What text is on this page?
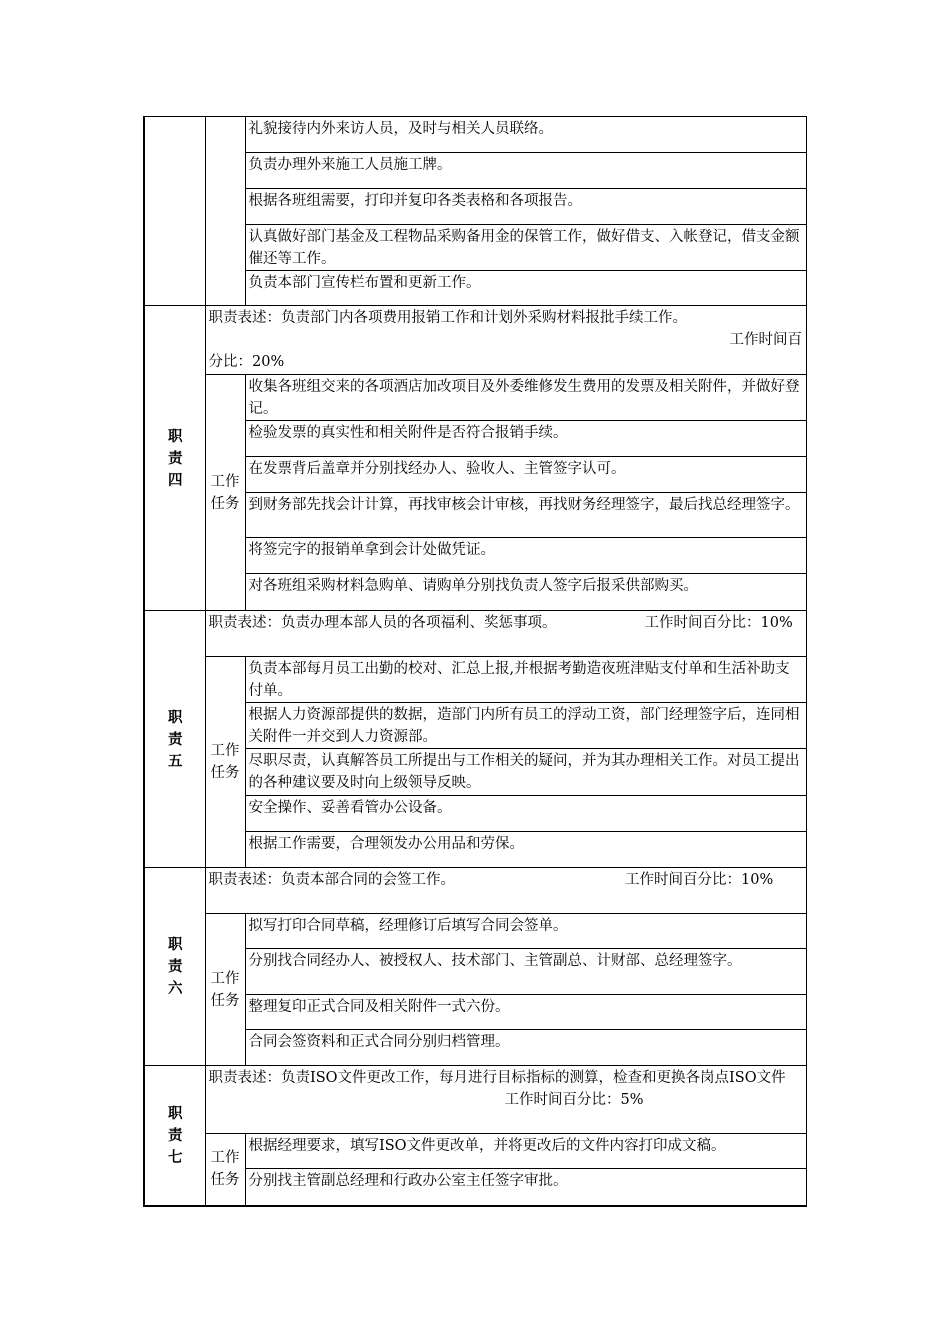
		礼貌接待内外来访人员，及时与相关人员联络。
		负责办理外来施工人员施工牌。
		根据各班组需要，打印并复印各类表格和各项报告。
		认真做好部门基金及工程物品采购备用金的保管工作，做好借支、入帐登记，借支金额催还等工作。
		负责本部门宣传栏布置和更新工作。

职责四	职责表述：负责部门内各项费用报销工作和计划外采购材料报批手续工作。
工作时间百
分比：20%	

	工作任务	收集各班组交来的各项酒店加改项目及外委维修发生费用的发票及相关附件，并做好登记。
		检验发票的真实性和相关附件是否符合报销手续。
		在发票背后盖章并分别找经办人、验收人、主管签字认可。
		到财务部先找会计计算，再找审核会计审核，再找财务经理签字，最后找总经理签字。
		将签完字的报销单拿到会计处做凭证。
		对各班组采购材料急购单、请购单分别找负责人签字后报采供部购买。

职责五	职责表述：负责办理本部人员的各项福利、奖惩事项。 工作时间百分比：10%	

	工作任务	负责本部每月员工出勤的校对、汇总上报,并根据考勤造夜班津贴支付单和生活补助支付单。
		根据人力资源部提供的数据，造部门内所有员工的浮动工资，部门经理签字后，连同相关附件一并交到人力资源部。
		尽职尽责，认真解答员工所提出与工作相关的疑问，并为其办理相关工作。对员工提出的各种建议要及时向上级领导反映。
		安全操作、妥善看管办公设备。
		根据工作需要，合理领发办公用品和劳保。

职责六	职责表述：负责本部合同的会签工作。 工作时间百分比：10%	

	工作任务	拟写打印合同草稿，经理修订后填写合同会签单。
		分别找合同经办人、被授权人、技术部门、主管副总、计财部、总经理签字。
		整理复印正式合同及相关附件一式六份。
		合同会签资料和正式合同分别归档管理。

职责七	职责表述：负责ISO文件更改工作，每月进行目标指标的测算，检查和更换各岗点ISO文件
工作时间百分比：5%	

	工作任务	根据经理要求，填写ISO文件更改单，并将更改后的文件内容打印成文稿。
		分别找主管副总经理和行政办公室主任签字审批。
